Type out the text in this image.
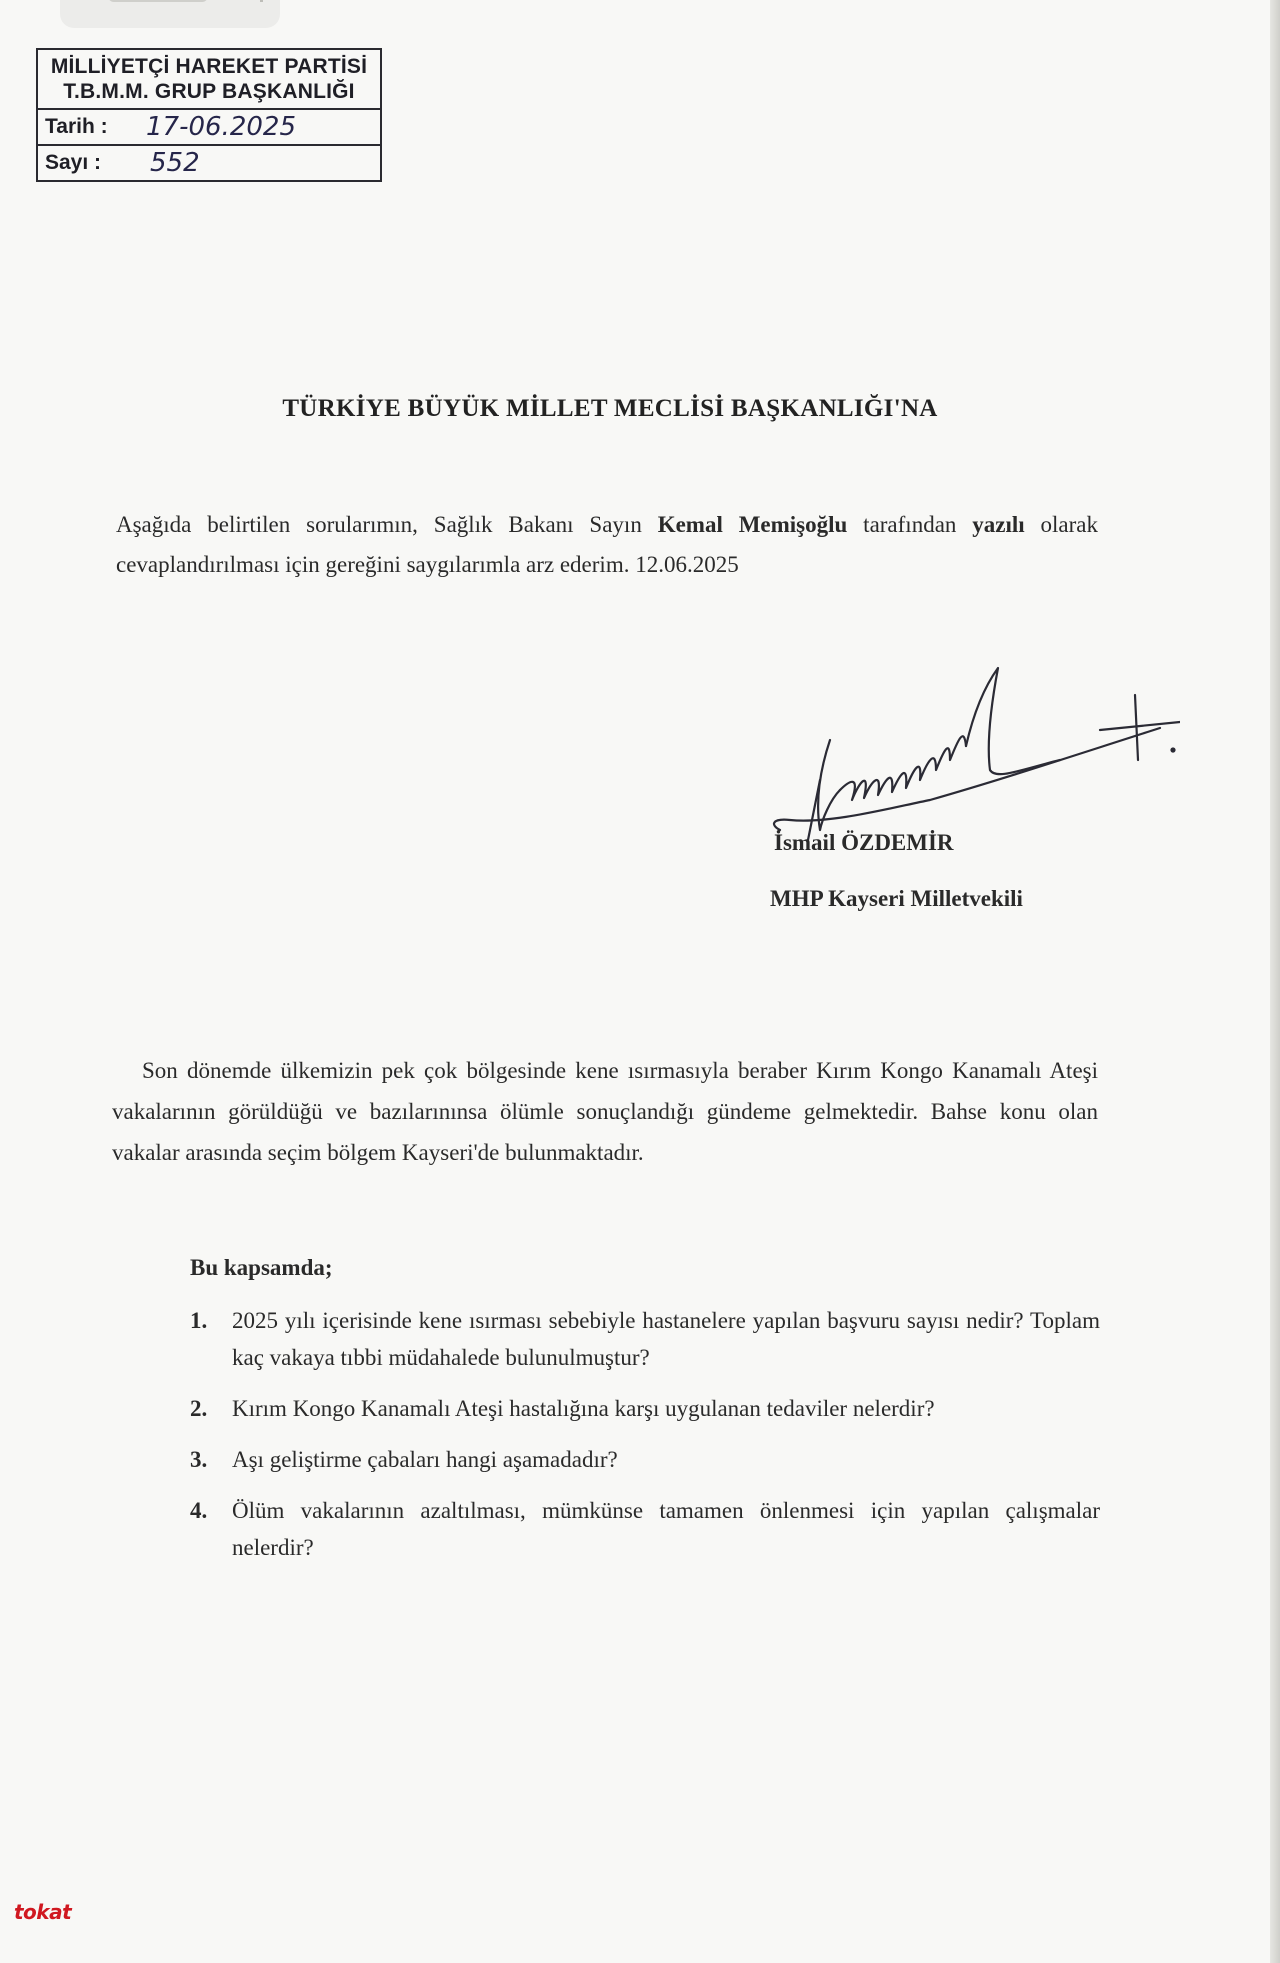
MİLLİYETÇİ HAREKET PARTİSİ
T.B.M.M. GRUP BAŞKANLIĞI
Tarih : 17-06.2025
Sayı : 552
TÜRKİYE BÜYÜK MİLLET MECLİSİ BAŞKANLIĞI'NA
Aşağıda belirtilen sorularımın, Sağlık Bakanı Sayın Kemal Memişoğlu tarafından yazılı olarak cevaplandırılması için gereğini saygılarımla arz ederim. 12.06.2025
İsmail ÖZDEMİR
MHP Kayseri Milletvekili
Son dönemde ülkemizin pek çok bölgesinde kene ısırmasıyla beraber Kırım Kongo Kanamalı Ateşi vakalarının görüldüğü ve bazılarınınsa ölümle sonuçlandığı gündeme gelmektedir. Bahse konu olan vakalar arasında seçim bölgem Kayseri'de bulunmaktadır.
Bu kapsamda;
1. 2025 yılı içerisinde kene ısırması sebebiyle hastanelere yapılan başvuru sayısı nedir? Toplam kaç vakaya tıbbi müdahalede bulunulmuştur?
2. Kırım Kongo Kanamalı Ateşi hastalığına karşı uygulanan tedaviler nelerdir?
3. Aşı geliştirme çabaları hangi aşamadadır?
4. Ölüm vakalarının azaltılması, mümkünse tamamen önlenmesi için yapılan çalışmalar nelerdir?
tokat
